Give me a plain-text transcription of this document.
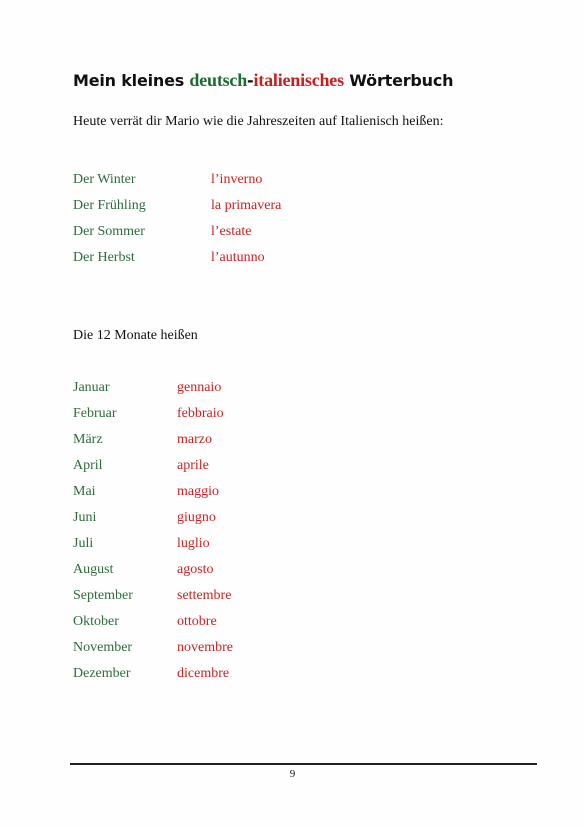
Mein kleines deutsch-italienisches Wörterbuch
Heute verrät dir Mario wie die Jahreszeiten auf Italienisch heißen:
Der Winter	l’inverno
Der Frühling	la primavera
Der Sommer	l’estate
Der Herbst	l’autunno
Die 12 Monate heißen
Januar	gennaio
Februar	febbraio
März	marzo
April	aprile
Mai	maggio
Juni	giugno
Juli	luglio
August	agosto
September	settembre
Oktober	ottobre
November	novembre
Dezember	dicembre
9
